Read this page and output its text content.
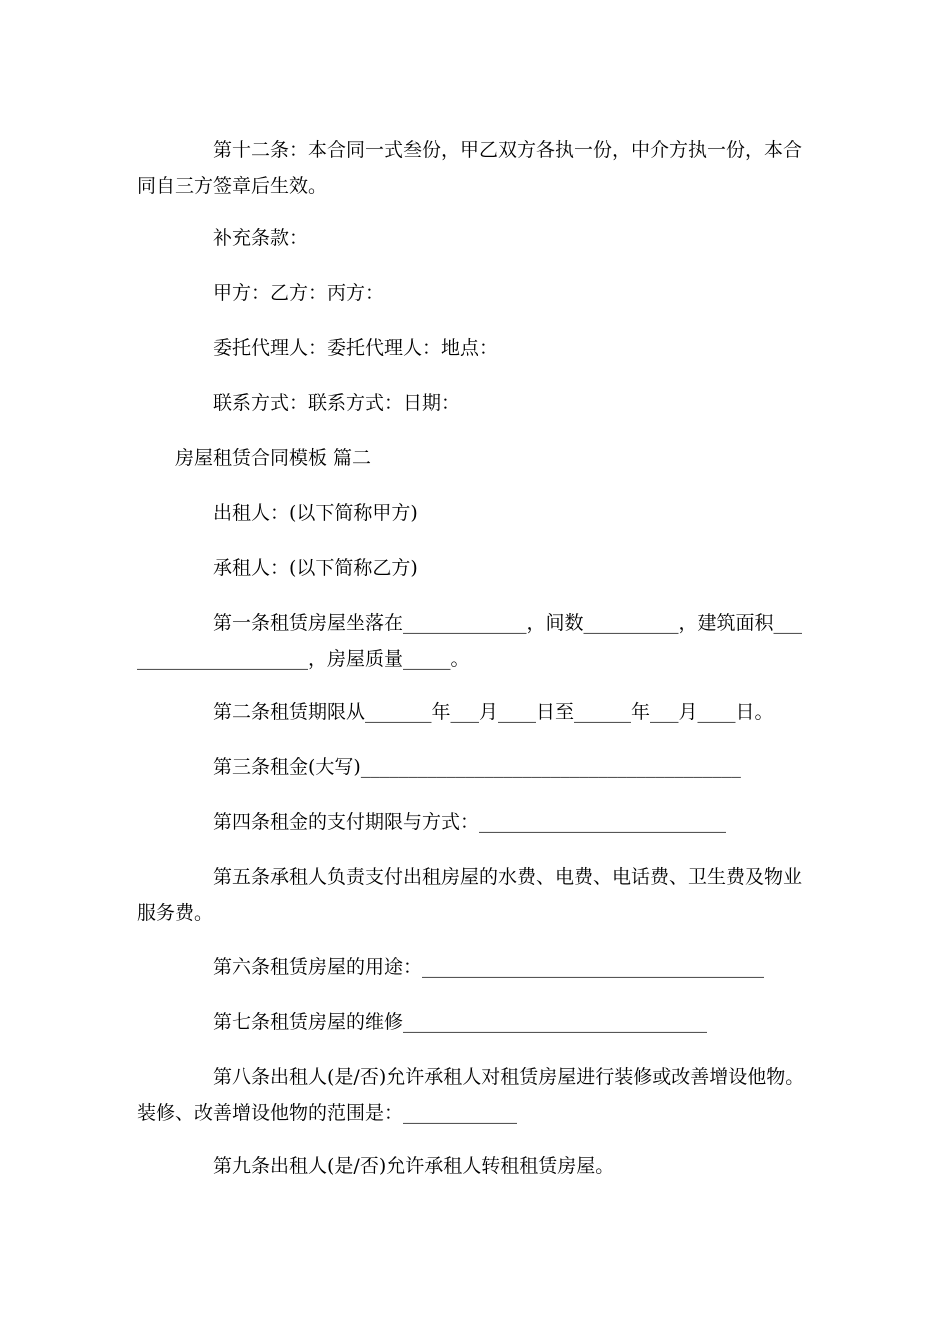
第十二条：本合同一式叁份，甲乙双方各执一份，中介方执一份，本合
同自三方签章后生效。
补充条款：
甲方：乙方：丙方：
委托代理人：委托代理人：地点：
联系方式：联系方式：日期：
房屋租赁合同模板 篇二
出租人：(以下简称甲方)
承租人：(以下简称乙方)
第一条租赁房屋坐落在_____________，间数__________，建筑面积___
__________________，房屋质量_____。
第二条租赁期限从_______年___月____日至______年___月____日。
第三条租金(大写)________________________________________
第四条租金的支付期限与方式：__________________________
第五条承租人负责支付出租房屋的水费、电费、电话费、卫生费及物业
服务费。
第六条租赁房屋的用途：____________________________________
第七条租赁房屋的维修________________________________
第八条出租人(是/否)允许承租人对租赁房屋进行装修或改善增设他物。
装修、改善增设他物的范围是：____________
第九条出租人(是/否)允许承租人转租租赁房屋。
